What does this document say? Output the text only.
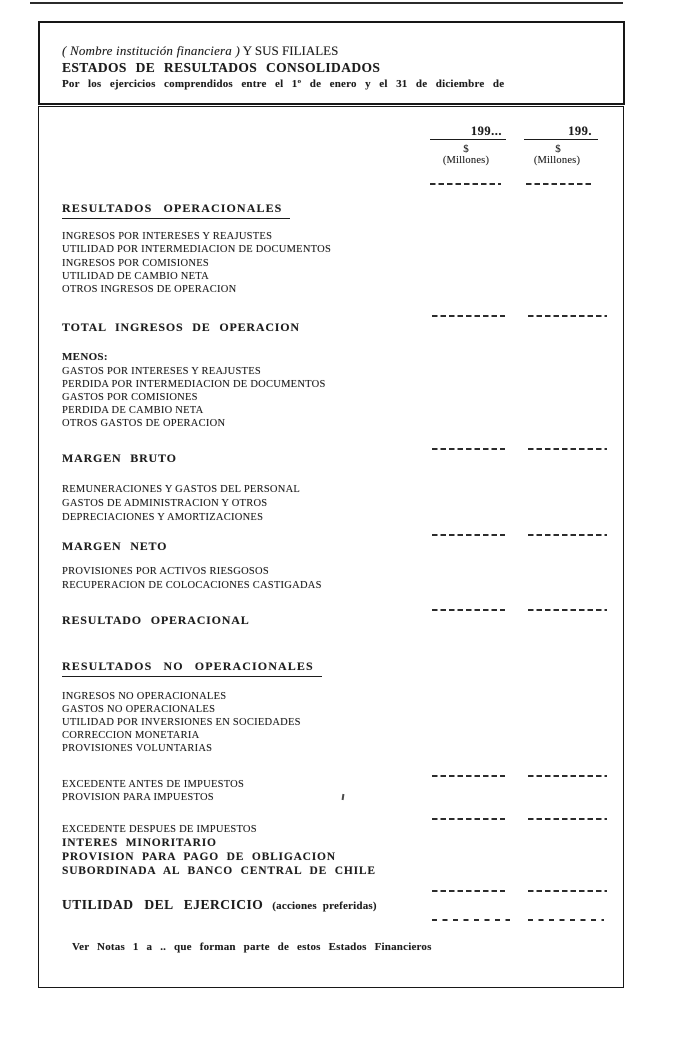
( Nombre institución financiera ) Y SUS FILIALES
ESTADOS DE RESULTADOS CONSOLIDADOS
Por los ejercicios comprendidos entre el 1º de enero y el 31 de diciembre de
199...	199.
$	$
(Millones)	(Millones)
RESULTADOS OPERACIONALES
INGRESOS POR INTERESES Y REAJUSTES
UTILIDAD POR INTERMEDIACION DE DOCUMENTOS
INGRESOS POR COMISIONES
UTILIDAD DE CAMBIO NETA
OTROS INGRESOS DE OPERACION
TOTAL INGRESOS DE OPERACION
MENOS:
GASTOS POR INTERESES Y REAJUSTES
PERDIDA POR INTERMEDIACION DE DOCUMENTOS
GASTOS POR COMISIONES
PERDIDA DE CAMBIO NETA
OTROS GASTOS DE OPERACION
MARGEN BRUTO
REMUNERACIONES Y GASTOS DEL PERSONAL
GASTOS DE ADMINISTRACION Y OTROS
DEPRECIACIONES Y AMORTIZACIONES
MARGEN NETO
PROVISIONES POR ACTIVOS RIESGOSOS
RECUPERACION DE COLOCACIONES CASTIGADAS
RESULTADO OPERACIONAL
RESULTADOS NO OPERACIONALES
INGRESOS NO OPERACIONALES
GASTOS NO OPERACIONALES
UTILIDAD POR INVERSIONES EN SOCIEDADES
CORRECCION MONETARIA
PROVISIONES VOLUNTARIAS
EXCEDENTE ANTES DE IMPUESTOS
PROVISION PARA IMPUESTOS
EXCEDENTE DESPUES DE IMPUESTOS
INTERES MINORITARIO
PROVISION PARA PAGO DE OBLIGACION
SUBORDINADA AL BANCO CENTRAL DE CHILE
UTILIDAD DEL EJERCICIO (acciones preferidas)
Ver Notas 1 a .. que forman parte de estos Estados Financieros
